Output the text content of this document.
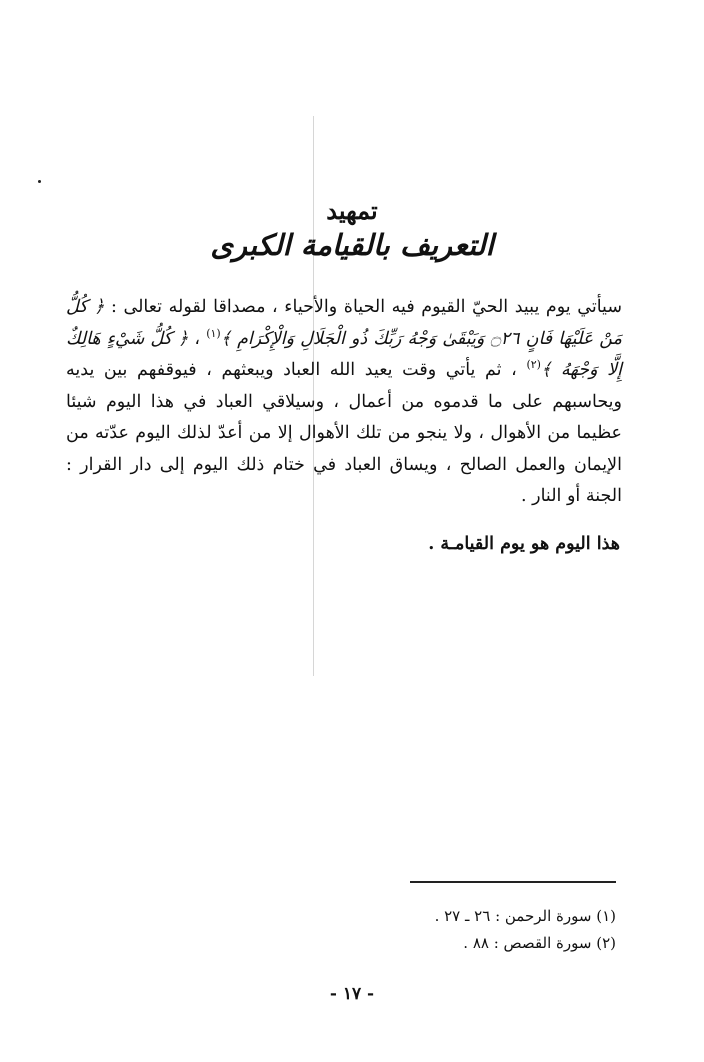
تمهيد
التعريف بالقيامة الكبرى

سيأتي يوم يبيد الحيّ القيوم فيه الحياة والأحياء ، مصداقا لقوله تعالى : ﴿ كُلُّ مَنْ عَلَيْهَا فَانٍ ۝٢٦ وَيَبْقَىٰ وَجْهُ رَبِّكَ ذُو الْجَلَالِ وَالْإِكْرَامِ ﴾$^{(١)}$ ، ﴿ كُلُّ شَيْءٍ هَالِكٌ إِلَّا وَجْهَهُ ﴾$^{(٢)}$ ، ثم يأتي وقت يعيد الله العباد ويبعثهم ، فيوقفهم بين يديه ويحاسبهم على ما قدموه من أعمال ، وسيلاقي العباد في هذا اليوم شيئا عظيما من الأهوال ، ولا ينجو من تلك الأهوال إلا من أعدّ لذلك اليوم عدّته من الإيمان والعمل الصالح ، ويساق العباد في ختام ذلك اليوم إلى دار القرار : الجنة أو النار .

هذا اليوم هو يوم القيامـة .
(١) سورة الرحمن : ٢٦ ـ ٢٧ .
(٢) سورة القصص : ٨٨ .
- ١٧ -
